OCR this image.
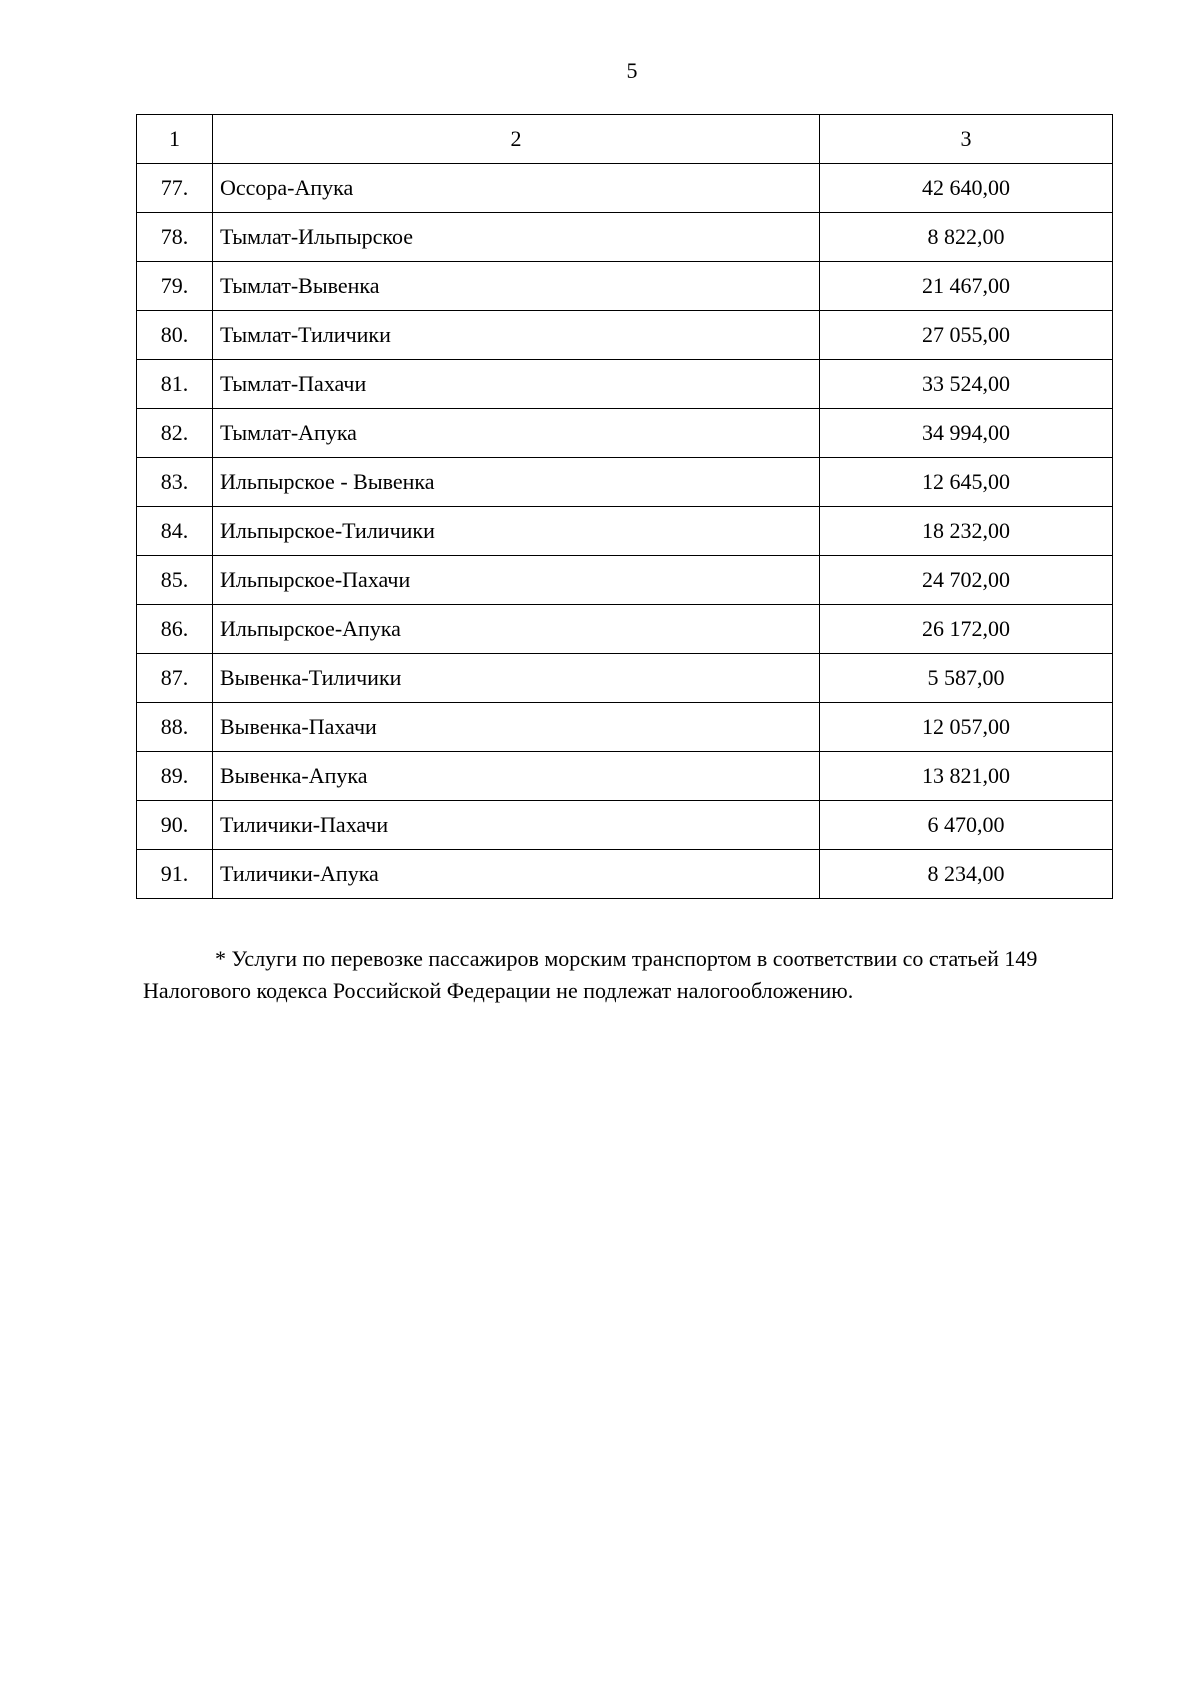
5
1	2	3
77.	Оссора-Апука	42 640,00
78.	Тымлат-Ильпырское	8 822,00
79.	Тымлат-Вывенка	21 467,00
80.	Тымлат-Тиличики	27 055,00
81.	Тымлат-Пахачи	33 524,00
82.	Тымлат-Апука	34 994,00
83.	Ильпырское - Вывенка	12 645,00
84.	Ильпырское-Тиличики	18 232,00
85.	Ильпырское-Пахачи	24 702,00
86.	Ильпырское-Апука	26 172,00
87.	Вывенка-Тиличики	5 587,00
88.	Вывенка-Пахачи	12 057,00
89.	Вывенка-Апука	13 821,00
90.	Тиличики-Пахачи	6 470,00
91.	Тиличики-Апука	8 234,00
* Услуги по перевозке пассажиров морским транспортом в соответствии со статьей 149
Налогового кодекса Российской Федерации не подлежат налогообложению.
